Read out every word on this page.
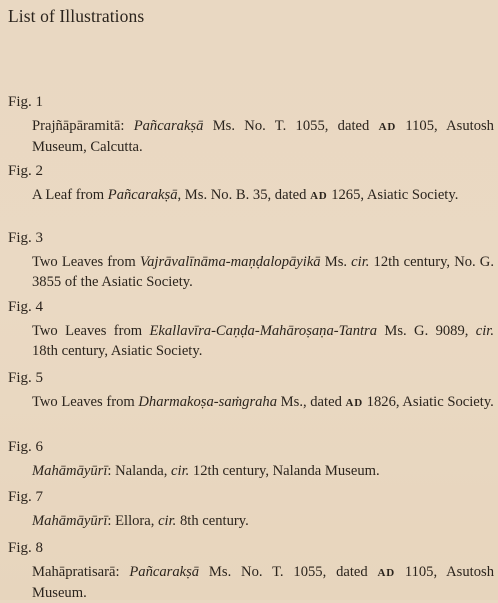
List of Illustrations
Fig. 1
Prajñāpāramitā: Pañcarakṣā Ms. No. T. 1055, dated AD 1105, Asutosh Museum, Calcutta.
Fig. 2
A Leaf from Pañcarakṣā, Ms. No. B. 35, dated AD 1265, Asiatic Society.
Fig. 3
Two Leaves from Vajrāvalīnāma-maṇḍalopāyikā Ms. cir. 12th century, No. G. 3855 of the Asiatic Society.
Fig. 4
Two Leaves from Ekallavīra-Caṇḍa-Mahāroṣaṇa-Tantra Ms. G. 9089, cir. 18th century, Asiatic Society.
Fig. 5
Two Leaves from Dharmakoṣa-saṁgraha Ms., dated AD 1826, Asiatic Society.
Fig. 6
Mahāmāyūrī: Nalanda, cir. 12th century, Nalanda Museum.
Fig. 7
Mahāmāyūrī: Ellora, cir. 8th century.
Fig. 8
Mahāpratisarā: Pañcarakṣā Ms. No. T. 1055, dated AD 1105, Asutosh Museum.
